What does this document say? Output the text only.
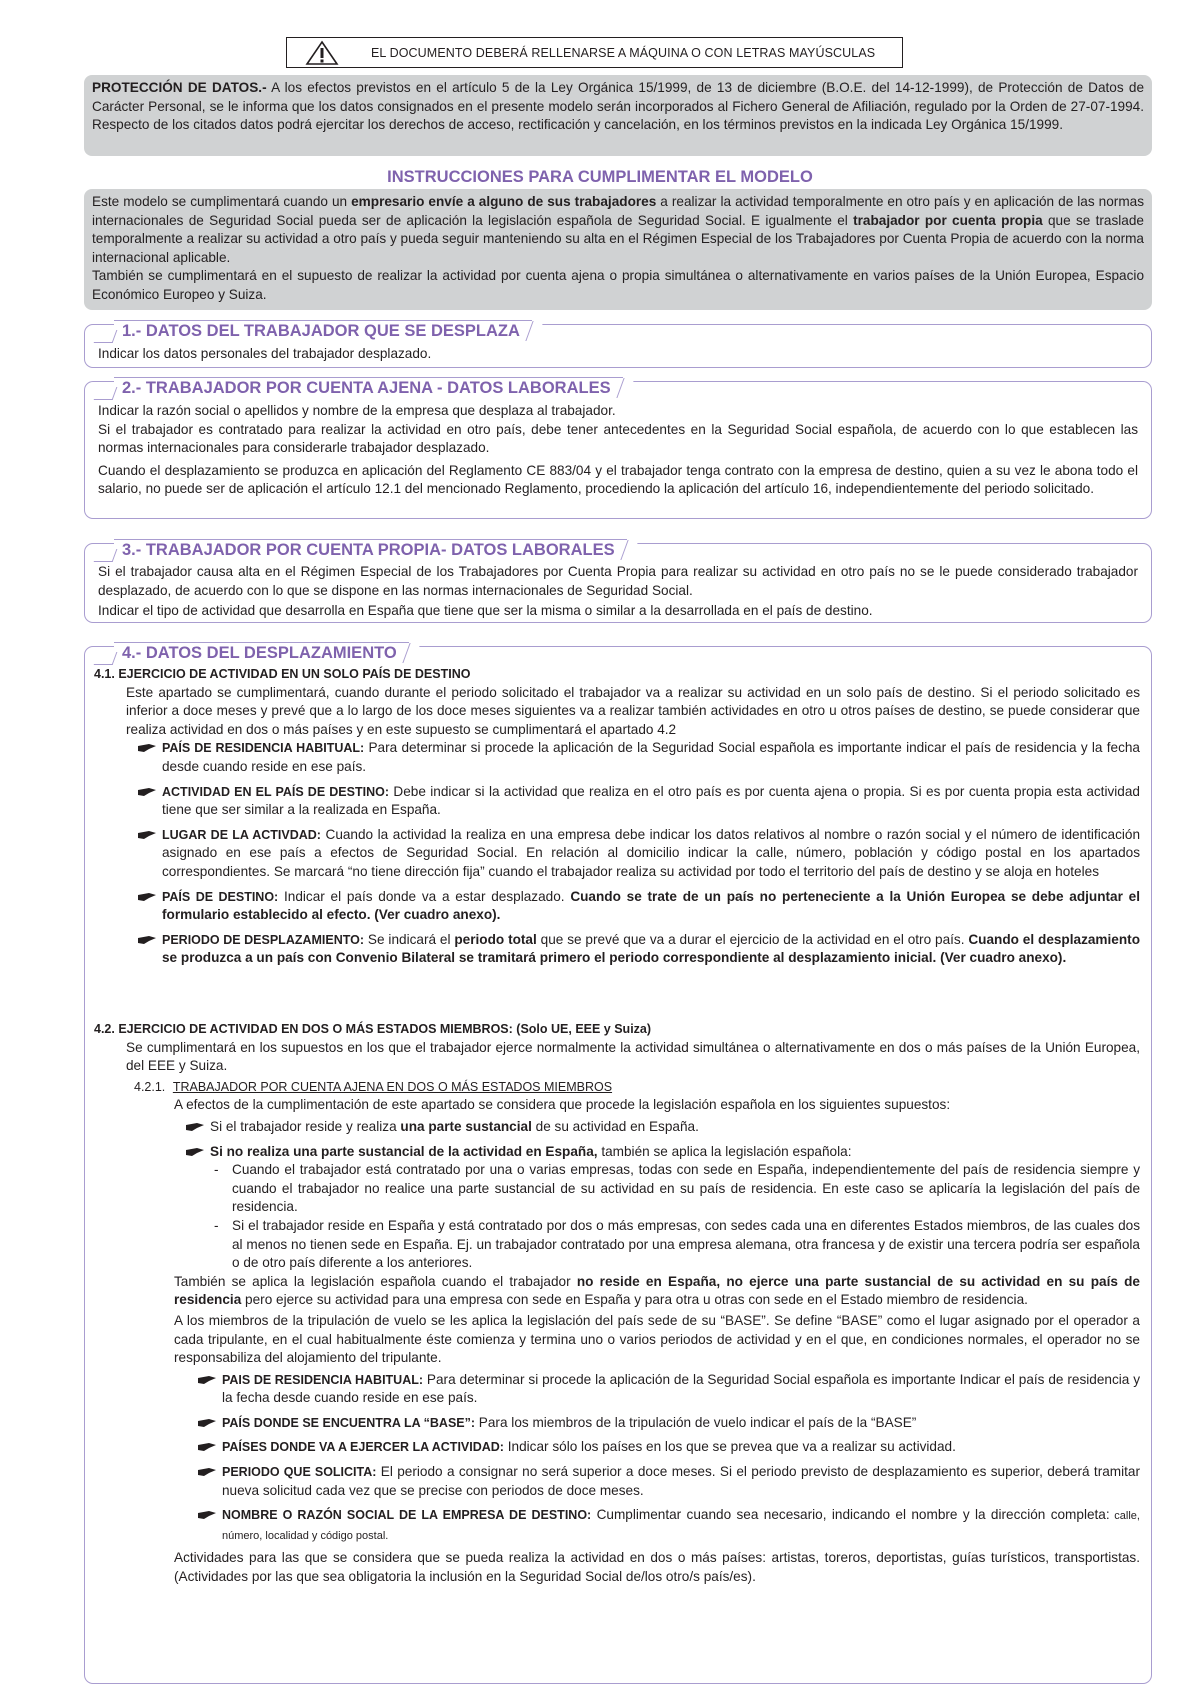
EL DOCUMENTO DEBERÁ RELLENARSE A MÁQUINA O CON LETRAS MAYÚSCULAS

PROTECCIÓN DE DATOS.- A los efectos previstos en el artículo 5 de la Ley Orgánica 15/1999, de 13 de diciembre (B.O.E. del 14-12-1999), de Protección de Datos de Carácter Personal, se le informa que los datos consignados en el presente modelo serán incorporados al Fichero General de Afiliación, regulado por la Orden de 27-07-1994. Respecto de los citados datos podrá ejercitar los derechos de acceso, rectificación y cancelación, en los términos previstos en la indicada Ley Orgánica 15/1999.

INSTRUCCIONES PARA CUMPLIMENTAR EL MODELO

Este modelo se cumplimentará cuando un empresario envíe a alguno de sus trabajadores a realizar la actividad temporalmente en otro país y en aplicación de las normas internacionales de Seguridad Social pueda ser de aplicación la legislación española de Seguridad Social. E igualmente el trabajador por cuenta propia que se traslade temporalmente a realizar su actividad a otro país y pueda seguir manteniendo su alta en el Régimen Especial de los Trabajadores por Cuenta Propia de acuerdo con la norma internacional aplicable.

También se cumplimentará en el supuesto de realizar la actividad por cuenta ajena o propia simultánea o alternativamente en varios países de la Unión Europea, Espacio Económico Europeo y Suiza.

1.- DATOS DEL TRABAJADOR QUE SE DESPLAZA
Indicar los datos personales del trabajador desplazado.
2.- TRABAJADOR POR CUENTA AJENA - DATOS LABORALES

Indicar la razón social o apellidos y nombre de la empresa que desplaza al trabajador.

Si el trabajador es contratado para realizar la actividad en otro país, debe tener antecedentes en la Seguridad Social española, de acuerdo con lo que establecen las normas internacionales para considerarle trabajador desplazado.

Cuando el desplazamiento se produzca en aplicación del Reglamento CE 883/04 y el trabajador tenga contrato con la empresa de destino, quien a su vez le abona todo el salario, no puede ser de aplicación el artículo 12.1 del mencionado Reglamento, procediendo la aplicación del artículo 16, independientemente del periodo solicitado.

3.- TRABAJADOR POR CUENTA PROPIA- DATOS LABORALES

Si el trabajador causa alta en el Régimen Especial de los Trabajadores por Cuenta Propia para realizar su actividad en otro país no se le puede considerado trabajador desplazado, de acuerdo con lo que se dispone en las normas internacionales de Seguridad Social.

Indicar el tipo de actividad que desarrolla en España que tiene que ser la misma o similar a la desarrollada en el país de destino.

4.- DATOS DEL DESPLAZAMIENTO
4.1. EJERCICIO DE ACTIVIDAD EN UN SOLO PAÍS DE DESTINO

Este apartado se cumplimentará, cuando durante el periodo solicitado el trabajador va a realizar su actividad en un solo país de destino. Si el periodo solicitado es inferior a doce meses y prevé que a lo largo de los doce meses siguientes va a realizar también actividades en otro u otros países de destino, se puede considerar que realiza actividad en dos o más países y en este supuesto se cumplimentará el apartado 4.2

PAÍS DE RESIDENCIA HABITUAL: Para determinar si procede la aplicación de la Seguridad Social española es importante indicar el país de residencia y la fecha desde cuando reside en ese país.

ACTIVIDAD EN EL PAÍS DE DESTINO: Debe indicar si la actividad que realiza en el otro país es por cuenta ajena o propia. Si es por cuenta propia esta actividad tiene que ser similar a la realizada en España.

LUGAR DE LA ACTIVDAD: Cuando la actividad la realiza en una empresa debe indicar los datos relativos al nombre o razón social y el número de identificación asignado en ese país a efectos de Seguridad Social. En relación al domicilio indicar la calle, número, población y código postal en los apartados correspondientes. Se marcará “no tiene dirección fija” cuando el trabajador realiza su actividad por todo el territorio del país de destino y se aloja en hoteles

PAÍS DE DESTINO: Indicar el país donde va a estar desplazado. Cuando se trate de un país no perteneciente a la Unión Europea se debe adjuntar el formulario establecido al efecto. (Ver cuadro anexo).

PERIODO DE DESPLAZAMIENTO: Se indicará el periodo total que se prevé que va a durar el ejercicio de la actividad en el otro país. Cuando el desplazamiento se produzca a un país con Convenio Bilateral se tramitará primero el periodo correspondiente al desplazamiento inicial. (Ver cuadro anexo).

4.2. EJERCICIO DE ACTIVIDAD EN DOS O MÁS ESTADOS MIEMBROS: (Solo UE, EEE y Suiza)

Se cumplimentará en los supuestos en los que el trabajador ejerce normalmente la actividad simultánea o alternativamente en dos o más países de la Unión Europea, del EEE y Suiza.

4.2.1. TRABAJADOR POR CUENTA AJENA EN DOS O MÁS ESTADOS MIEMBROS

A efectos de la cumplimentación de este apartado se considera que procede la legislación española en los siguientes supuestos:

Si el trabajador reside y realiza una parte sustancial de su actividad en España.

Si no realiza una parte sustancial de la actividad en España, también se aplica la legislación española:

- Cuando el trabajador está contratado por una o varias empresas, todas con sede en España, independientemente del país de residencia siempre y cuando el trabajador no realice una parte sustancial de su actividad en su país de residencia. En este caso se aplicaría la legislación del país de residencia.

- Si el trabajador reside en España y está contratado por dos o más empresas, con sedes cada una en diferentes Estados miembros, de las cuales dos al menos no tienen sede en España. Ej. un trabajador contratado por una empresa alemana, otra francesa y de existir una tercera podría ser española o de otro país diferente a los anteriores.

También se aplica la legislación española cuando el trabajador no reside en España, no ejerce una parte sustancial de su actividad en su país de residencia pero ejerce su actividad para una empresa con sede en España y para otra u otras con sede en el Estado miembro de residencia.

A los miembros de la tripulación de vuelo se les aplica la legislación del país sede de su “BASE”. Se define “BASE” como el lugar asignado por el operador a cada tripulante, en el cual habitualmente éste comienza y termina uno o varios periodos de actividad y en el que, en condiciones normales, el operador no se responsabiliza del alojamiento del tripulante.

PAIS DE RESIDENCIA HABITUAL: Para determinar si procede la aplicación de la Seguridad Social española es importante Indicar el país de residencia y la fecha desde cuando reside en ese país.

PAÍS DONDE SE ENCUENTRA LA “BASE”: Para los miembros de la tripulación de vuelo indicar el país de la “BASE”

PAÍSES DONDE VA A EJERCER LA ACTIVIDAD: Indicar sólo los países en los que se prevea que va a realizar su actividad.

PERIODO QUE SOLICITA: El periodo a consignar no será superior a doce meses. Si el periodo previsto de desplazamiento es superior, deberá tramitar nueva solicitud cada vez que se precise con periodos de doce meses.

NOMBRE O RAZÓN SOCIAL DE LA EMPRESA DE DESTINO: Cumplimentar cuando sea necesario, indicando el nombre y la dirección completa: calle, número, localidad y código postal.

Actividades para las que se considera que se pueda realiza la actividad en dos o más países: artistas, toreros, deportistas, guías turísticos, transportistas. (Actividades por las que sea obligatoria la inclusión en la Seguridad Social de/los otro/s país/es).
